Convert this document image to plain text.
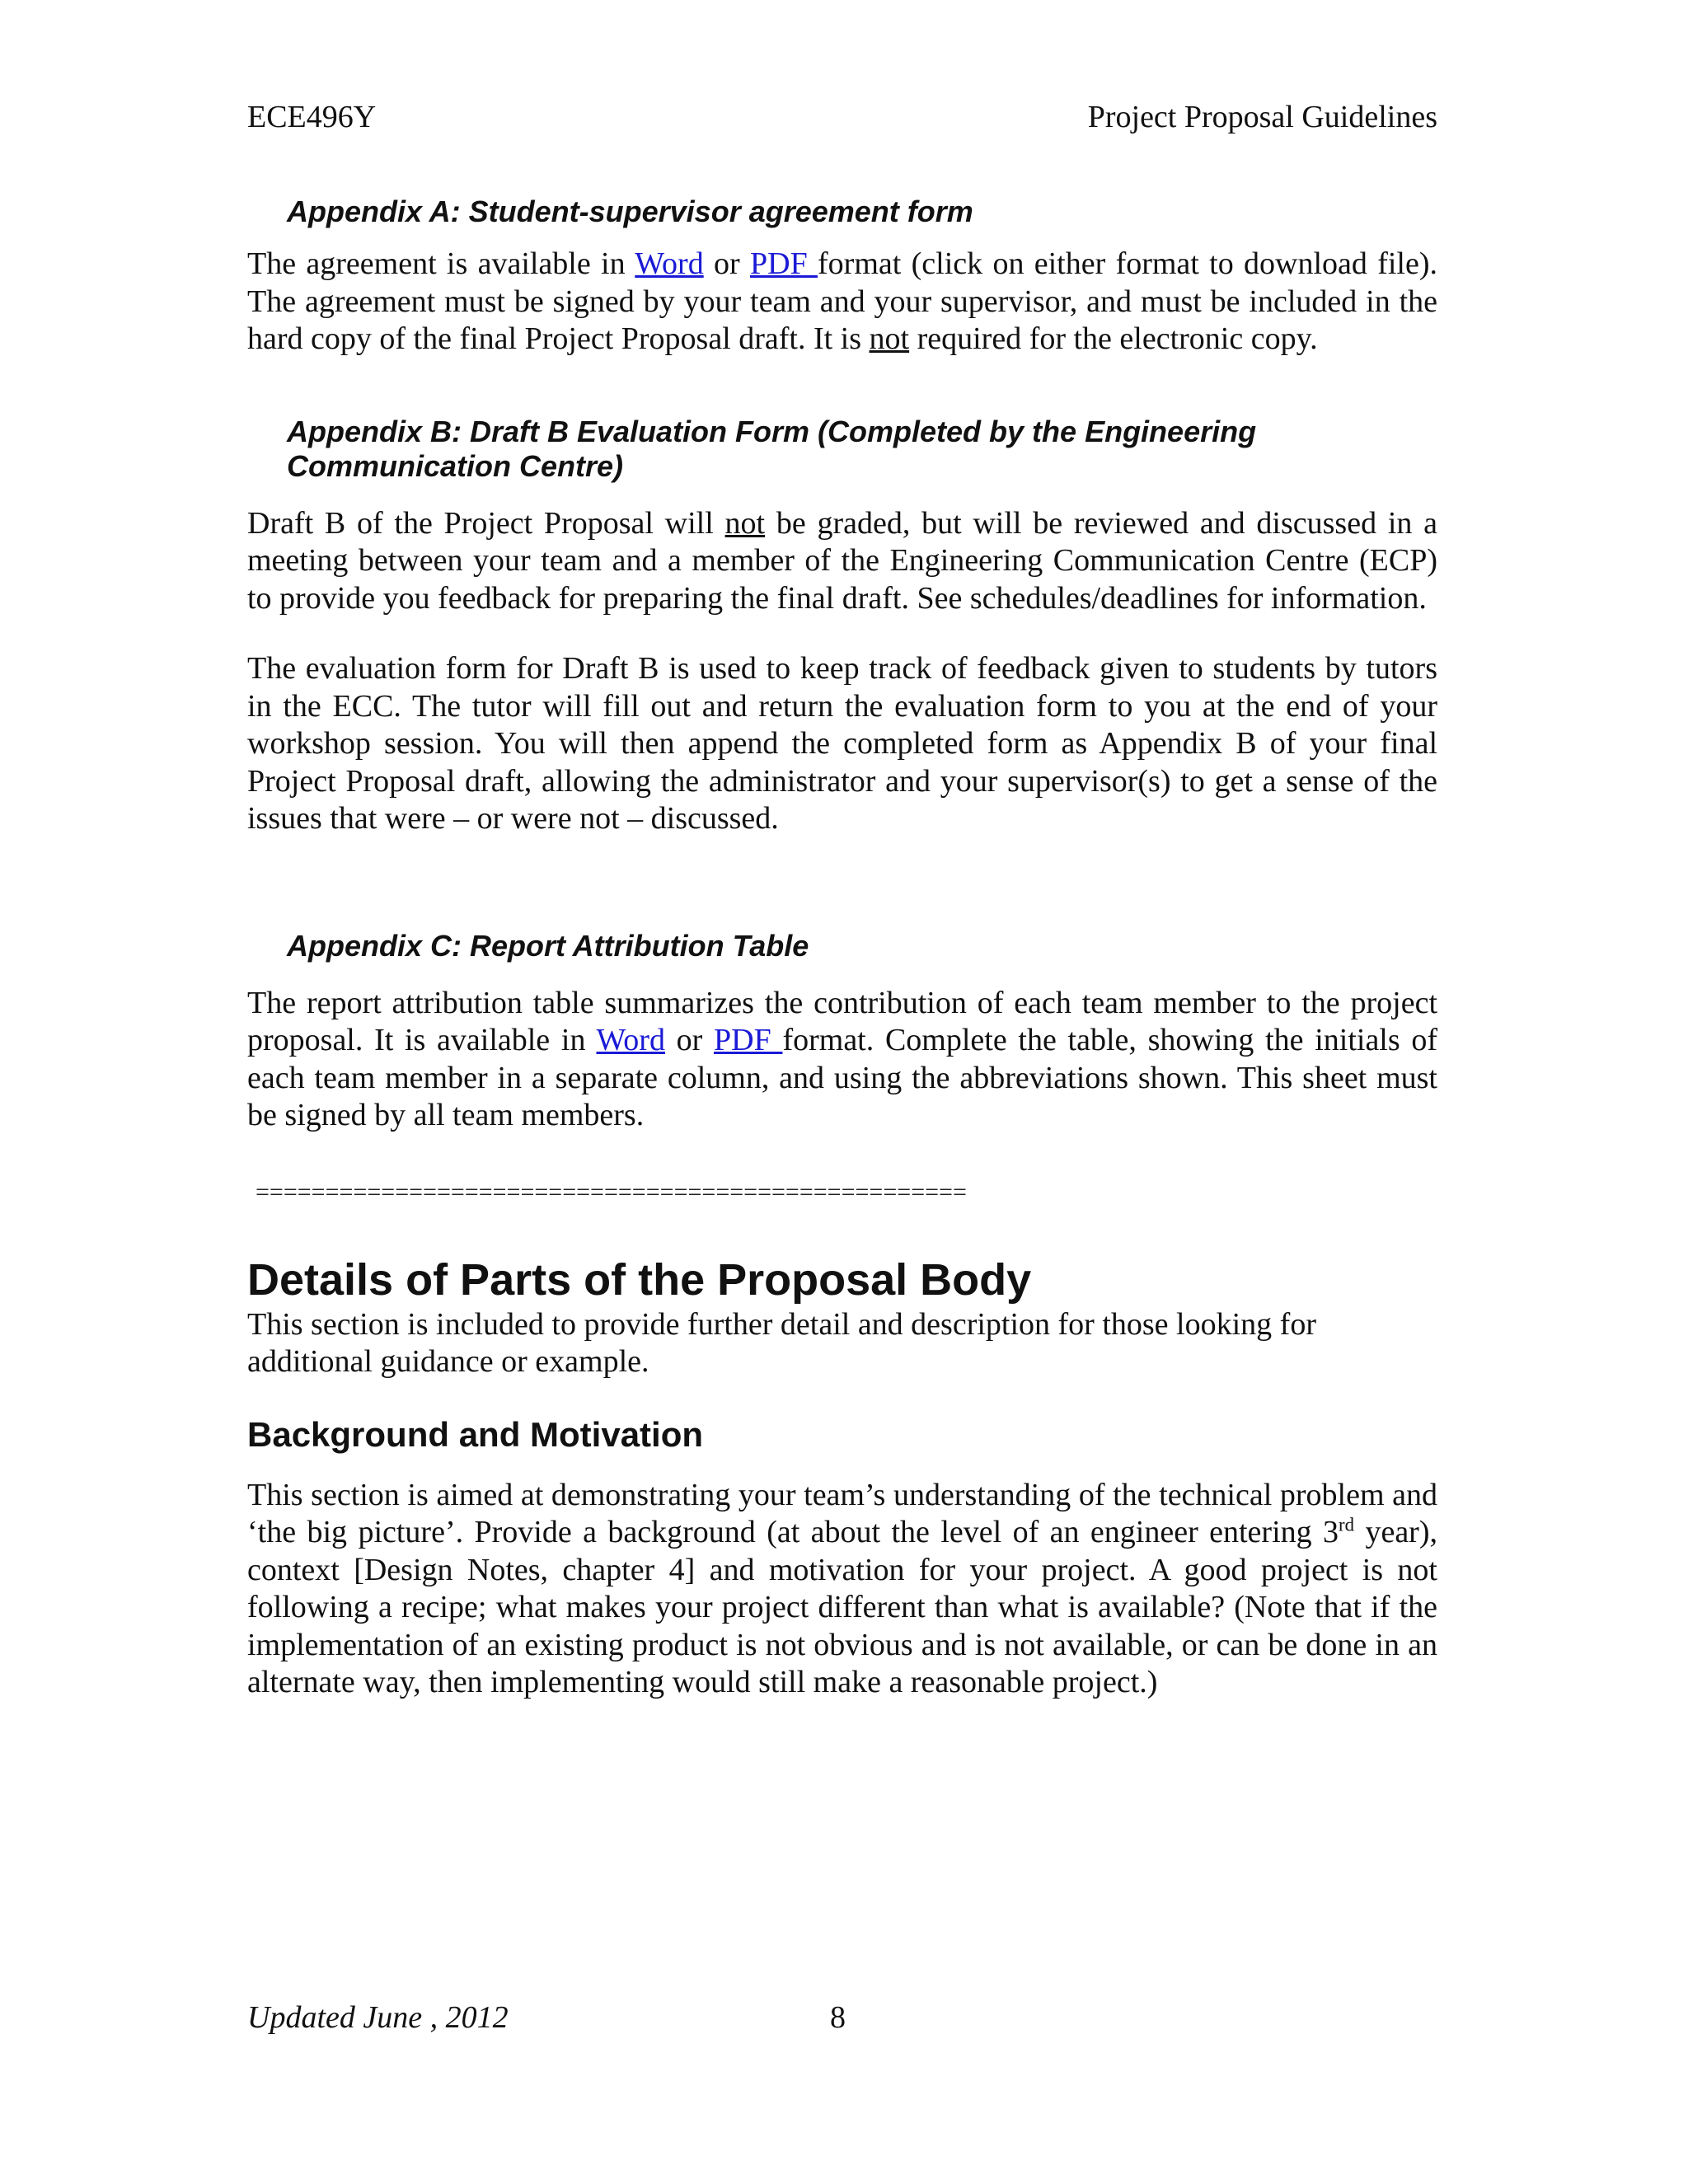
ECE496Y	Project Proposal Guidelines
Appendix A: Student-supervisor agreement form

The agreement is available in Word or PDF format (click on either format to download file). The agreement must be signed by your team and your supervisor, and must be included in the hard copy of the final Project Proposal draft. It is not required for the electronic copy.

Appendix B: Draft B Evaluation Form (Completed by the Engineering Communication Centre)

Draft B of the Project Proposal will not be graded, but will be reviewed and discussed in a meeting between your team and a member of the Engineering Communication Centre (ECP) to provide you feedback for preparing the final draft. See schedules/deadlines for information.

The evaluation form for Draft B is used to keep track of feedback given to students by tutors in the ECC. The tutor will fill out and return the evaluation form to you at the end of your workshop session. You will then append the completed form as Appendix B of your final Project Proposal draft, allowing the administrator and your supervisor(s) to get a sense of the issues that were – or were not – discussed.

Appendix C: Report Attribution Table

The report attribution table summarizes the contribution of each team member to the project proposal. It is available in Word or PDF format. Complete the table, showing the initials of each team member in a separate column, and using the abbreviations shown. This sheet must be signed by all team members.

===================================================
Details of Parts of the Proposal Body

This section is included to provide further detail and description for those looking for additional guidance or example.

Background and Motivation

This section is aimed at demonstrating your team’s understanding of the technical problem and ‘the big picture’. Provide a background (at about the level of an engineer entering 3rd year), context [Design Notes, chapter 4] and motivation for your project. A good project is not following a recipe; what makes your project different than what is available? (Note that if the implementation of an existing product is not obvious and is not available, or can be done in an alternate way, then implementing would still make a reasonable project.)

Updated June , 2012	8
